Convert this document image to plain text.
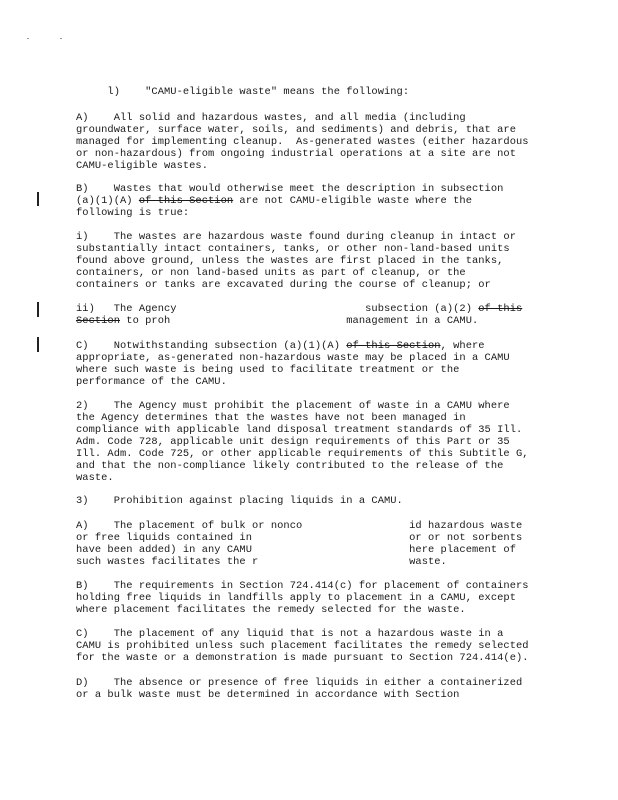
l)    "CAMU-eligible waste" means the following:
A)    All solid and hazardous wastes, and all media (including
groundwater, surface water, soils, and sediments) and debris, that are
managed for implementing cleanup.  As-generated wastes (either hazardous
or non-hazardous) from ongoing industrial operations at a site are not
CAMU-eligible wastes.
B)    Wastes that would otherwise meet the description in subsection
(a)(1)(A) of this Section are not CAMU-eligible waste where the
following is true:
i)    The wastes are hazardous waste found during cleanup in intact or
substantially intact containers, tanks, or other non-land-based units
found above ground, unless the wastes are first placed in the tanks,
containers, or non land-based units as part of cleanup, or the
containers or tanks are excavated during the course of cleanup; or
ii)   The Agency                              subsection (a)(2) of this
Section to proh                            management in a CAMU.
C)    Notwithstanding subsection (a)(1)(A) of this Section, where
appropriate, as-generated non-hazardous waste may be placed in a CAMU
where such waste is being used to facilitate treatment or the
performance of the CAMU.
2)    The Agency must prohibit the placement of waste in a CAMU where
the Agency determines that the wastes have not been managed in
compliance with applicable land disposal treatment standards of 35 Ill.
Adm. Code 728, applicable unit design requirements of this Part or 35
Ill. Adm. Code 725, or other applicable requirements of this Subtitle G,
and that the non-compliance likely contributed to the release of the
waste.
3)    Prohibition against placing liquids in a CAMU.
A)    The placement of bulk or nonco                 id hazardous waste
or free liquids contained in                         or or not sorbents
have been added) in any CAMU                         here placement of
such wastes facilitates the r                        waste.
B)    The requirements in Section 724.414(c) for placement of containers
holding free liquids in landfills apply to placement in a CAMU, except
where placement facilitates the remedy selected for the waste.
C)    The placement of any liquid that is not a hazardous waste in a
CAMU is prohibited unless such placement facilitates the remedy selected
for the waste or a demonstration is made pursuant to Section 724.414(e).
D)    The absence or presence of free liquids in either a containerized
or a bulk waste must be determined in accordance with Section
